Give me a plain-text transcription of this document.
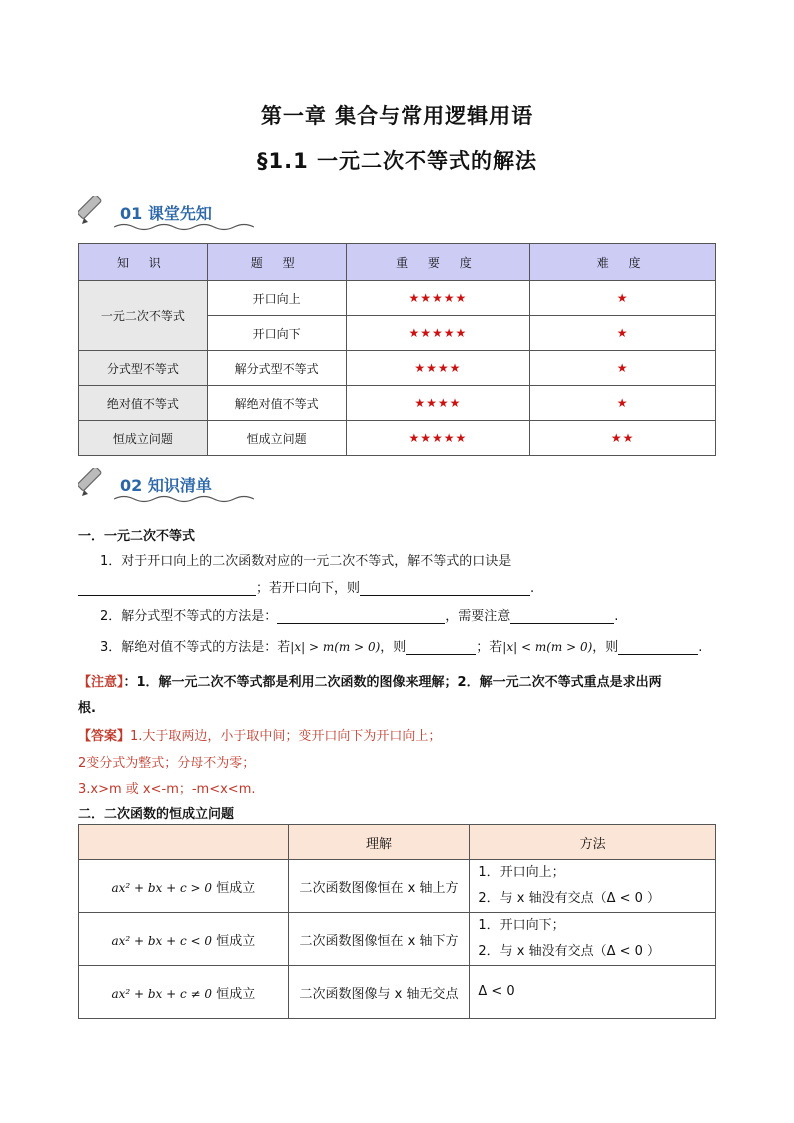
第一章 集合与常用逻辑用语
§1.1 一元二次不等式的解法
01 课堂先知
知 识	题 型	重 要 度	难 度
一元二次不等式	开口向上	★★★★★	★
	开口向下	★★★★★	★
分式型不等式	解分式型不等式	★★★★	★
绝对值不等式	解绝对值不等式	★★★★	★
恒成立问题	恒成立问题	★★★★★	★★
02 知识清单
一．一元二次不等式
1．对于开口向上的二次函数对应的一元二次不等式，解不等式的口诀是
；若开口向下，则	.
2．解分式型不等式的方法是：	，需要注意	.
3．解绝对值不等式的方法是：若|x| > m(m > 0)，则	；若|x| < m(m > 0)，则	.
【注意】：1．解一元二次不等式都是利用二次函数的图像来理解；2．解一元二次不等式重点是求出两
根.
【答案】1.大于取两边，小于取中间；变开口向下为开口向上；
2变分式为整式；分母不为零；
3.x>m 或 x<-m；-m<x<m.
二．二次函数的恒成立问题
	理解	方法
ax² + bx + c > 0 恒成立	二次函数图像恒在 x 轴上方	1．开口向上；
2．与 x 轴没有交点（Δ < 0 ）

ax² + bx + c < 0 恒成立	二次函数图像恒在 x 轴下方	1．开口向下；
2．与 x 轴没有交点（Δ < 0 ）

ax² + bx + c ≠ 0 恒成立	二次函数图像与 x 轴无交点	Δ < 0
